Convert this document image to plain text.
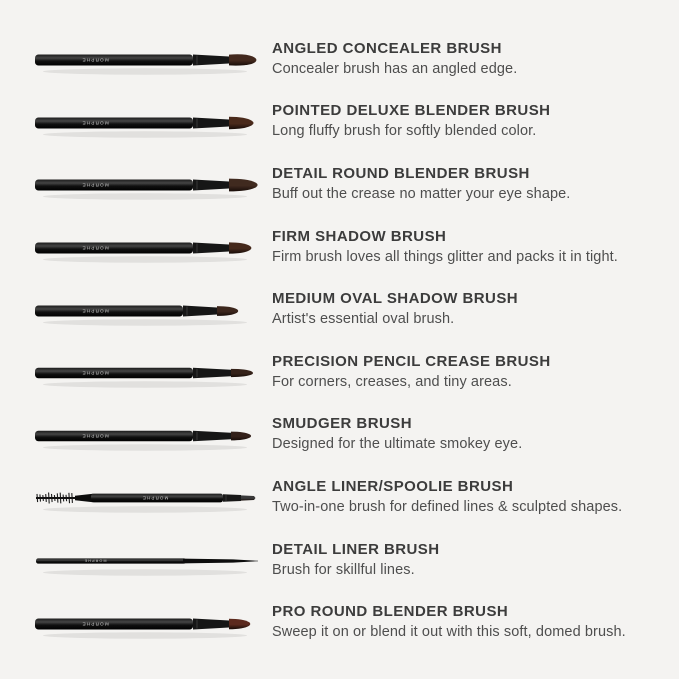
MORPHE
ANGLED CONCEALER BRUSH
Concealer brush has an angled edge.
MORPHE
POINTED DELUXE BLENDER BRUSH
Long fluffy brush for softly blended color.
MORPHE
DETAIL ROUND BLENDER BRUSH
Buff out the crease no matter your eye shape.
MORPHE
FIRM SHADOW BRUSH
Firm brush loves all things glitter and packs it in tight.
MORPHE
MEDIUM OVAL SHADOW BRUSH
Artist's essential oval brush.
MORPHE
PRECISION PENCIL CREASE BRUSH
For corners, creases, and tiny areas.
MORPHE
SMUDGER BRUSH
Designed for the ultimate smokey eye.
MORPHE
ANGLE LINER/SPOOLIE BRUSH
Two-in-one brush for defined lines & sculpted shapes.
MORPHE
DETAIL LINER BRUSH
Brush for skillful lines.
MORPHE
PRO ROUND BLENDER BRUSH
Sweep it on or blend it out with this soft, domed brush.
